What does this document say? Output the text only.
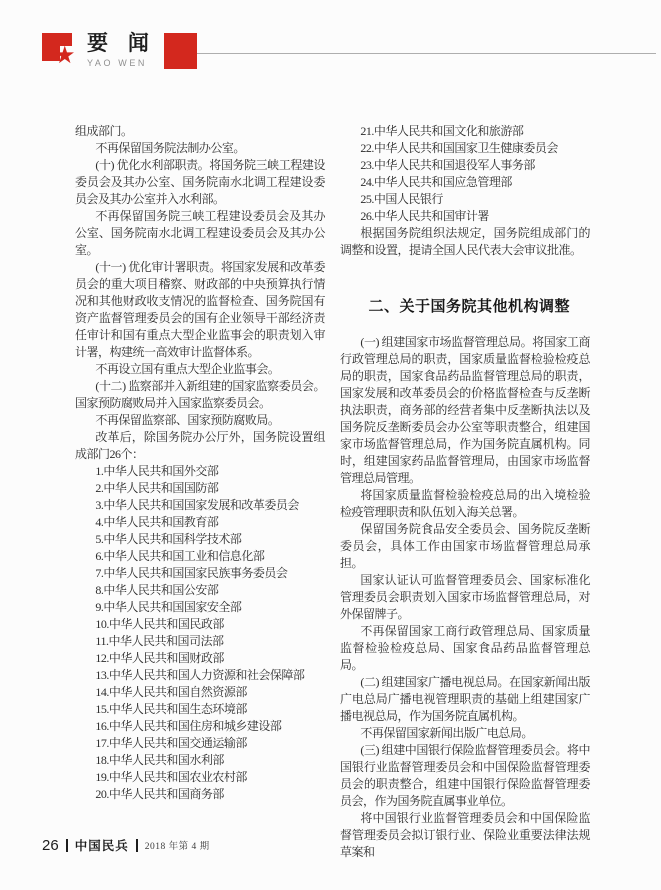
★ 要 闻
YAO WEN

组成部门。

不再保留国务院法制办公室。

(十) 优化水利部职责。将国务院三峡工程建设委员会及其办公室、国务院南水北调工程建设委员会及其办公室并入水利部。

不再保留国务院三峡工程建设委员会及其办公室、国务院南水北调工程建设委员会及其办公室。

(十一) 优化审计署职责。将国家发展和改革委员会的重大项目稽察、财政部的中央预算执行情况和其他财政收支情况的监督检查、国务院国有资产监督管理委员会的国有企业领导干部经济责任审计和国有重点大型企业监事会的职责划入审计署，构建统一高效审计监督体系。

不再设立国有重点大型企业监事会。

(十二) 监察部并入新组建的国家监察委员会。国家预防腐败局并入国家监察委员会。

不再保留监察部、国家预防腐败局。

改革后，除国务院办公厅外，国务院设置组成部门26个：

1.中华人民共和国外交部

2.中华人民共和国国防部

3.中华人民共和国国家发展和改革委员会

4.中华人民共和国教育部

5.中华人民共和国科学技术部

6.中华人民共和国工业和信息化部

7.中华人民共和国国家民族事务委员会

8.中华人民共和国公安部

9.中华人民共和国国家安全部

10.中华人民共和国民政部

11.中华人民共和国司法部

12.中华人民共和国财政部

13.中华人民共和国人力资源和社会保障部

14.中华人民共和国自然资源部

15.中华人民共和国生态环境部

16.中华人民共和国住房和城乡建设部

17.中华人民共和国交通运输部

18.中华人民共和国水利部

19.中华人民共和国农业农村部

20.中华人民共和国商务部

21.中华人民共和国文化和旅游部

22.中华人民共和国国家卫生健康委员会

23.中华人民共和国退役军人事务部

24.中华人民共和国应急管理部

25.中国人民银行

26.中华人民共和国审计署

根据国务院组织法规定，国务院组成部门的调整和设置，提请全国人民代表大会审议批准。

二、关于国务院其他机构调整

(一) 组建国家市场监督管理总局。将国家工商行政管理总局的职责，国家质量监督检验检疫总局的职责，国家食品药品监督管理总局的职责，国家发展和改革委员会的价格监督检查与反垄断执法职责，商务部的经营者集中反垄断执法以及国务院反垄断委员会办公室等职责整合，组建国家市场监督管理总局，作为国务院直属机构。同时，组建国家药品监督管理局，由国家市场监督管理总局管理。

将国家质量监督检验检疫总局的出入境检验检疫管理职责和队伍划入海关总署。

保留国务院食品安全委员会、国务院反垄断委员会，具体工作由国家市场监督管理总局承担。

国家认证认可监督管理委员会、国家标准化管理委员会职责划入国家市场监督管理总局，对外保留牌子。

不再保留国家工商行政管理总局、国家质量监督检验检疫总局、国家食品药品监督管理总局。

(二) 组建国家广播电视总局。在国家新闻出版广电总局广播电视管理职责的基础上组建国家广播电视总局，作为国务院直属机构。

不再保留国家新闻出版广电总局。

(三) 组建中国银行保险监督管理委员会。将中国银行业监督管理委员会和中国保险监督管理委员会的职责整合，组建中国银行保险监督管理委员会，作为国务院直属事业单位。

将中国银行业监督管理委员会和中国保险监督管理委员会拟订银行业、保险业重要法律法规草案和

26 中国民兵 2018 年第 4 期
